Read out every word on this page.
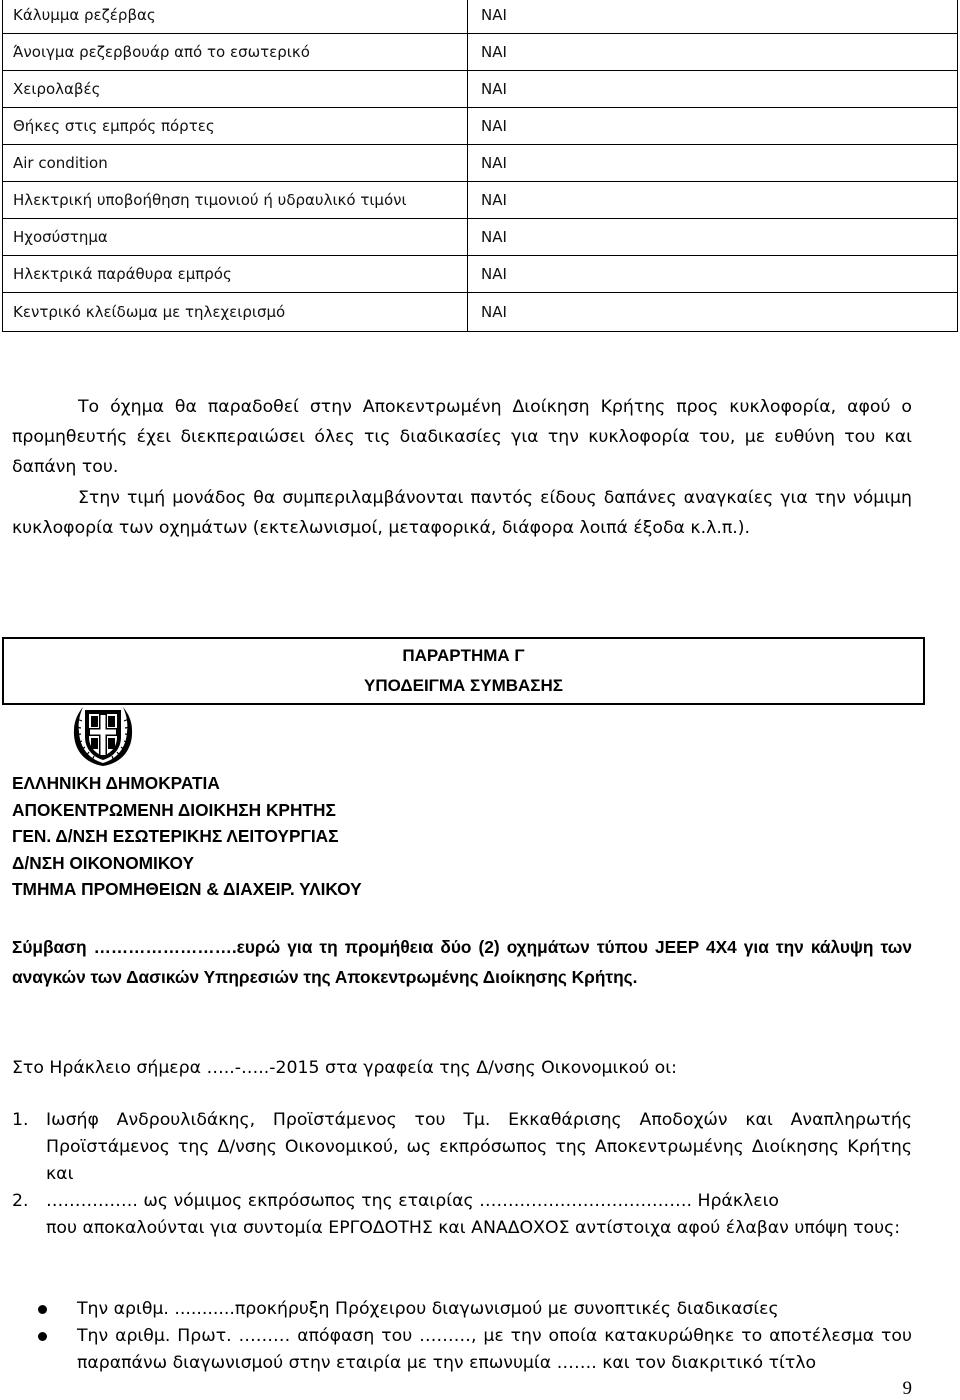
Κάλυμμα ρεζέρβας	ΝΑΙ
Άνοιγμα ρεζερβουάρ από το εσωτερικό	ΝΑΙ
Χειρολαβές	ΝΑΙ
Θήκες στις εμπρός πόρτες	ΝΑΙ
Air condition	ΝΑΙ
Ηλεκτρική υποβοήθηση τιμονιού ή υδραυλικό τιμόνι	ΝΑΙ
Ηχοσύστημα	ΝΑΙ
Ηλεκτρικά παράθυρα εμπρός	ΝΑΙ
Κεντρικό κλείδωμα με τηλεχειρισμό	ΝΑΙ
Το όχημα θα παραδοθεί στην Αποκεντρωμένη Διοίκηση Κρήτης προς κυκλοφορία, αφού ο προμηθευτής έχει διεκπεραιώσει όλες τις διαδικασίες για την κυκλοφορία του, με ευθύνη του και δαπάνη του.
Στην τιμή μονάδος θα συμπεριλαμβάνονται παντός είδους δαπάνες αναγκαίες για την νόμιμη κυκλοφορία των οχημάτων (εκτελωνισμοί, μεταφορικά, διάφορα λοιπά έξοδα κ.λ.π.).
ΠΑΡΑΡΤΗΜΑ Γ
ΥΠΟΔΕΙΓΜΑ ΣΥΜΒΑΣΗΣ
ΕΛΛΗΝΙΚΗ ΔΗΜΟΚΡΑΤΙΑ
ΑΠΟΚΕΝΤΡΩΜΕΝΗ ΔΙΟΙΚΗΣΗ ΚΡΗΤΗΣ
ΓΕΝ. Δ/ΝΣΗ ΕΣΩΤΕΡΙΚΗΣ ΛΕΙΤΟΥΡΓΙΑΣ
Δ/ΝΣΗ ΟΙΚΟΝΟΜΙΚΟΥ
ΤΜΗΜΑ ΠΡΟΜΗΘΕΙΩΝ & ΔΙΑΧΕΙΡ. ΥΛΙΚΟΥ
Σύμβαση …………………….ευρώ για τη προμήθεια δύο (2) οχημάτων τύπου JEEP 4X4 για την κάλυψη των αναγκών των Δασικών Υπηρεσιών της Αποκεντρωμένης Διοίκησης Κρήτης.
Στο Ηράκλειο σήμερα …..-…..-2015 στα γραφεία της Δ/νσης Οικονομικού οι:
1. Ιωσήφ Ανδρουλιδάκης, Προϊστάμενος του Τμ. Εκκαθάρισης Αποδοχών και Αναπληρωτής Προϊστάμενος της Δ/νσης Οικονομικού, ως εκπρόσωπος της Αποκεντρωμένης Διοίκησης Κρήτης και
2. ……………. ως νόμιμος εκπρόσωπος της εταιρίας ………………………………. Ηράκλειο
που αποκαλούνται για συντομία ΕΡΓΟΔΟΤΗΣ και ΑΝΑΔΟΧΟΣ αντίστοιχα αφού έλαβαν υπόψη τους:
Την αριθμ. ...........προκήρυξη Πρόχειρου διαγωνισμού με συνοπτικές διαδικασίες
Την αριθμ. Πρωτ. ……… απόφαση του ………, με την οποία κατακυρώθηκε το αποτέλεσμα του παραπάνω διαγωνισμού στην εταιρία με την επωνυμία ……. και τον διακριτικό τίτλο
9
